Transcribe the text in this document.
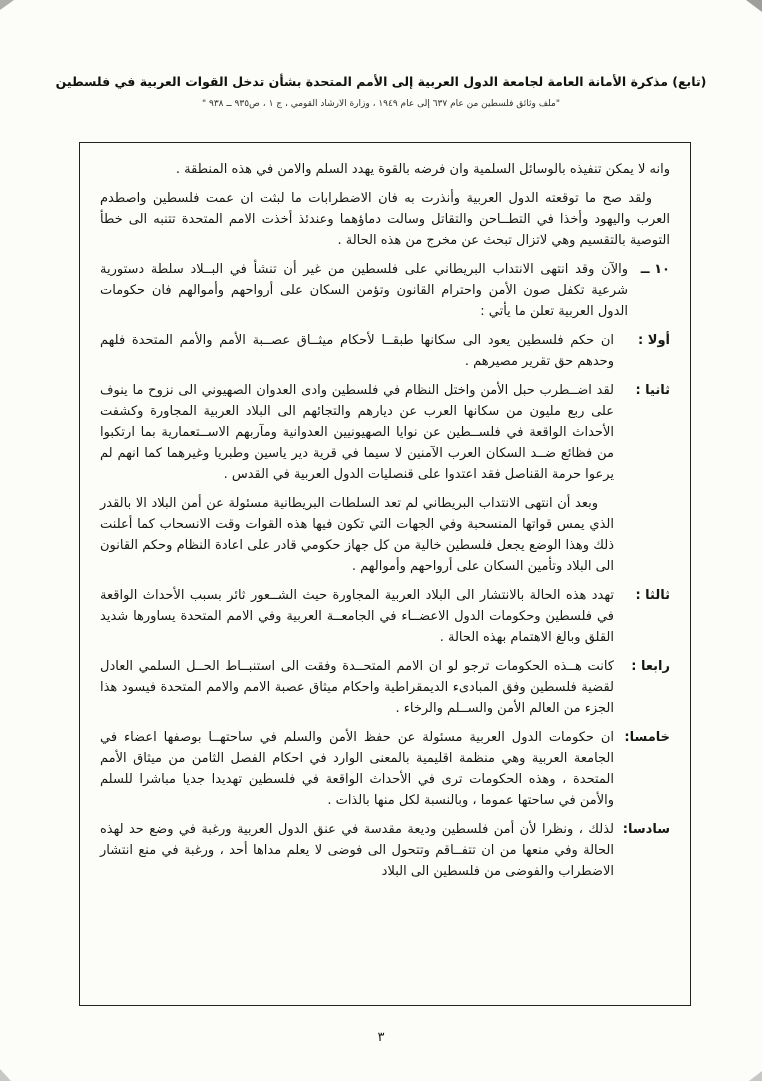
(تابع) مذكرة الأمانة العامة لجامعة الدول العربية إلى الأمم المتحدة بشأن تدخل القوات العربية في فلسطين
"ملف وثائق فلسطين من عام ٦٣٧ إلى عام ١٩٤٩ ، وزارة الارشاد القومي ، ج ١ ، ص٩٣٥ ــ ٩٣٨ "

وانه لا يمكن تنفيذه بالوسائل السلمية وان فرضه بالقوة يهدد السلم والامن في هذه المنطقة .

ولقد صح ما توقعته الدول العربية وأنذرت به فان الاضطرابات ما لبثت ان عمت فلسطين واصطدم العرب واليهود وأخذا في التطــاحن والتقاتل وسالت دماؤهما وعندئذ أخذت الامم المتحدة تتنبه الى خطأ التوصية بالتقسيم وهي لاتزال تبحث عن مخرج من هذه الحالة .

١٠ ــ
والآن وقد انتهى الانتداب البريطاني على فلسطين من غير أن تنشأ في البــلاد سلطة دستورية شرعية تكفل صون الأمن واحترام القانون وتؤمن السكان على أرواحهم وأموالهم فان حكومات الدول العربية تعلن ما يأتي :
أولا :
ان حكم فلسطين يعود الى سكانها طبقــا لأحكام ميثــاق عصــبة الأمم والأمم المتحدة فلهم وحدهم حق تقرير مصيرهم .
ثانيا :
لقد اضــطرب حبل الأمن واختل النظام في فلسطين وادى العدوان الصهيوني الى نزوح ما ينوف على ربع مليون من سكانها العرب عن ديارهم والتجائهم الى البلاد العربية المجاورة وكشفت الأحداث الواقعة في فلســطين عن نوايا الصهيونيين العدوانية ومآربهم الاســتعمارية بما ارتكبوا من فظائع ضــد السكان العرب الآمنين لا سيما في قرية دير ياسين وطبريا وغيرهما كما انهم لم يرعوا حرمة القناصل فقد اعتدوا على قنصليات الدول العربية في القدس .

وبعد أن انتهى الانتداب البريطاني لم تعد السلطات البريطانية مسئولة عن أمن البلاد الا بالقدر الذي يمس قواتها المنسحبة وفي الجهات التي تكون فيها هذه القوات وقت الانسحاب كما أعلنت ذلك وهذا الوضع يجعل فلسطين خالية من كل جهاز حكومي قادر على اعادة النظام وحكم القانون الى البلاد وتأمين السكان على أرواحهم وأموالهم .

ثالثا :
تهدد هذه الحالة بالانتشار الى البلاد العربية المجاورة حيث الشــعور ثائر بسبب الأحداث الواقعة في فلسطين وحكومات الدول الاعضــاء في الجامعــة العربية وفي الامم المتحدة يساورها شديد القلق وبالغ الاهتمام بهذه الحالة .
رابعا :
كانت هــذه الحكومات ترجو لو ان الامم المتحــدة وفقت الى استنبــاط الحــل السلمي العادل لقضية فلسطين وفق المبادىء الديمقراطية واحكام ميثاق عصبة الامم والامم المتحدة فيسود هذا الجزء من العالم الأمن والســلم والرخاء .
خامسا:
ان حكومات الدول العربية مسئولة عن حفظ الأمن والسلم في ساحتهــا بوصفها اعضاء في الجامعة العربية وهي منظمة اقليمية بالمعنى الوارد في احكام الفصل الثامن من ميثاق الأمم المتحدة ، وهذه الحكومات ترى في الأحداث الواقعة في فلسطين تهديدا جديا مباشرا للسلم والأمن في ساحتها عموما ، وبالنسبة لكل منها بالذات .
سادسا:
لذلك ، ونظرا لأن أمن فلسطين وديعة مقدسة في عنق الدول العربية ورغبة في وضع حد لهذه الحالة وفي منعها من ان تتفــاقم وتتحول الى فوضى لا يعلم مداها أحد ، ورغبة في منع انتشار الاضطراب والفوضى من فلسطين الى البلاد
٣
